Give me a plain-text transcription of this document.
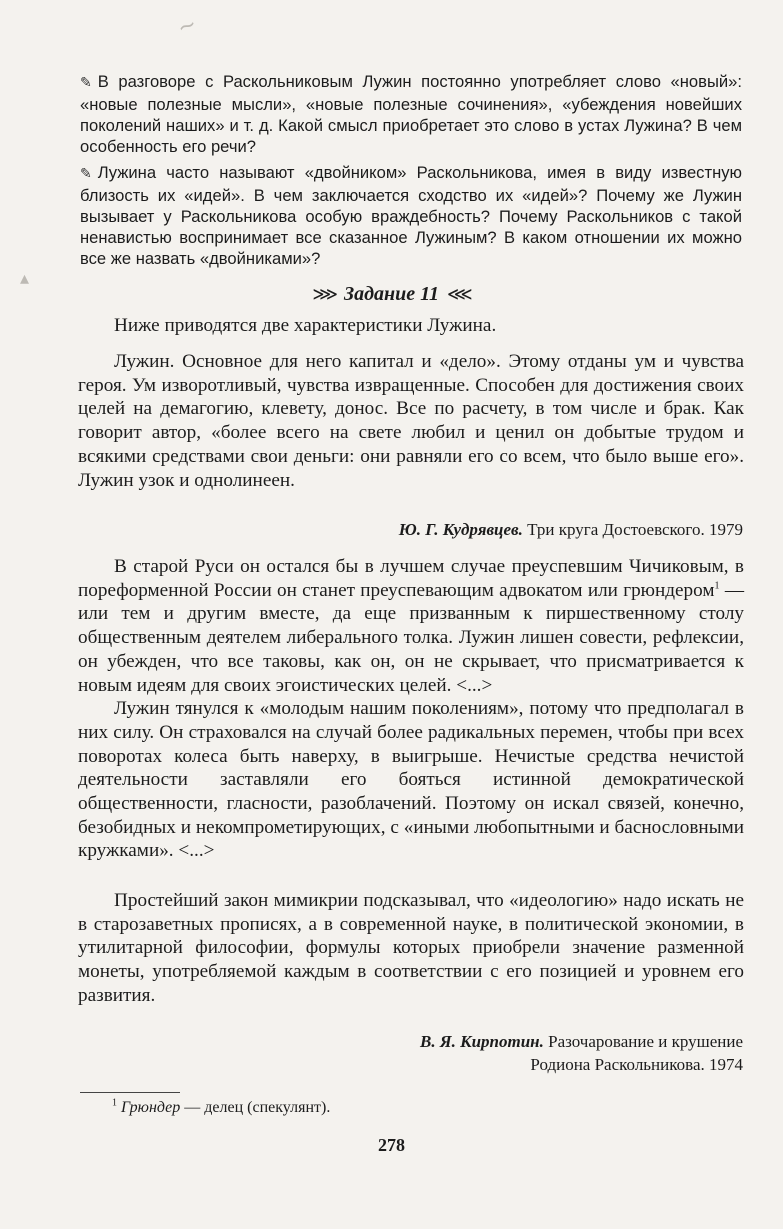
~
▴

✎ В разговоре с Раскольниковым Лужин постоянно употребляет слово «новый»: «новые полезные мысли», «новые полезные сочинения», «убеждения новейших поколений наших» и т. д. Какой смысл приобретает это слово в устах Лужина? В чем особенность его речи?

✎ Лужина часто называют «двойником» Раскольникова, имея в виду известную близость их «идей». В чем заключается сходство их «идей»? Почему же Лужин вызывает у Раскольникова особую враждебность? Почему Раскольников с такой ненавистью воспринимает все сказанное Лужиным? В каком отношении их можно все же назвать «двойниками»?

⋙ Задание 11 ⋘

Ниже приводятся две характеристики Лужина.

Лужин. Основное для него капитал и «дело». Этому отданы ум и чувства героя. Ум изворотливый, чувства извращенные. Способен для достижения своих целей на демагогию, клевету, донос. Все по расчету, в том числе и брак. Как говорит автор, «более всего на свете любил и ценил он добытые трудом и всякими средствами свои деньги: они равняли его со всем, что было выше его». Лужин узок и однолинеен.

Ю. Г. Кудрявцев. Три круга Достоевского. 1979

В старой Руси он остался бы в лучшем случае преуспевшим Чичиковым, в пореформенной России он станет преуспевающим адвокатом или грюндером$^1$ — или тем и другим вместе, да еще призванным к пиршественному столу общественным деятелем либерального толка. Лужин лишен совести, рефлексии, он убежден, что все таковы, как он, он не скрывает, что присматривается к новым идеям для своих эгоистических целей. <...>

Лужин тянулся к «молодым нашим поколениям», потому что предполагал в них силу. Он страховался на случай более радикальных перемен, чтобы при всех поворотах колеса быть наверху, в выигрыше. Нечистые средства нечистой деятельности заставляли его бояться истинной демократической общественности, гласности, разоблачений. Поэтому он искал связей, конечно, безобидных и некомпрометирующих, с «иными любопытными и баснословными кружками». <...>

Простейший закон мимикрии подсказывал, что «идеологию» надо искать не в старозаветных прописях, а в современной науке, в политической экономии, в утилитарной философии, формулы которых приобрели значение разменной монеты, употребляемой каждым в соответствии с его позицией и уровнем его развития.

В. Я. Кирпотин. Разочарование и крушение
Родиона Раскольникова. 1974
$^1$ Грюндер — делец (спекулянт).
278
